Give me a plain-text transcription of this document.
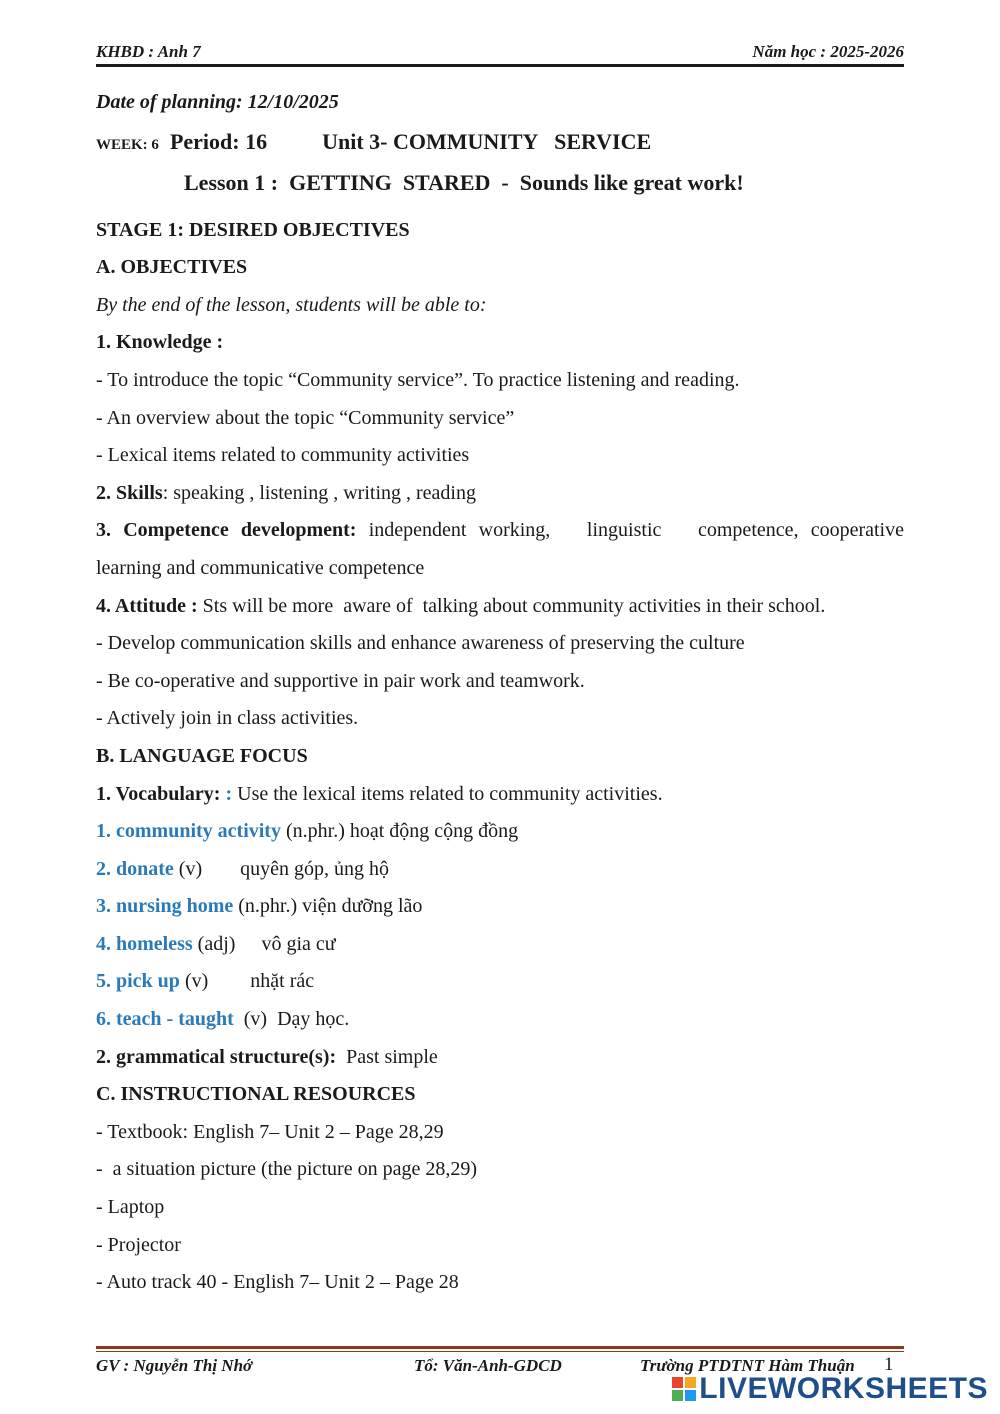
KHBD : Anh 7	Năm học : 2025-2026
Date of planning: 12/10/2025
WEEK: 6 Period: 16	Unit 3- COMMUNITY   SERVICE
Lesson 1 :  GETTING  STARED  -  Sounds like great work!
STAGE 1: DESIRED OBJECTIVES
A. OBJECTIVES
By the end of the lesson, students will be able to:
1. Knowledge :
- To introduce the topic “Community service”. To practice listening and reading.
- An overview about the topic “Community service”
- Lexical items related to community activities
2. Skills: speaking , listening , writing , reading
3. Competence development: independent working,   linguistic   competence, cooperative
learning and communicative competence
4. Attitude : Sts will be more  aware of  talking about community activities in their school.
- Develop communication skills and enhance awareness of preserving the culture
- Be co-operative and supportive in pair work and teamwork.
- Actively join in class activities.
B. LANGUAGE FOCUS
1. Vocabulary: : Use the lexical items related to community activities.
1. community activity (n.phr.) hoạt động cộng đồng
2. donate (v) quyên góp, ủng hộ
3. nursing home (n.phr.) viện dưỡng lão
4. homeless (adj) vô gia cư
5. pick up (v) nhặt rác
6. teach - taught  (v)  Dạy học.
2. grammatical structure(s):  Past simple
C. INSTRUCTIONAL RESOURCES
- Textbook: English 7– Unit 2 – Page 28,29
-  a situation picture (the picture on page 28,29)
- Laptop
- Projector
- Auto track 40 - English 7– Unit 2 – Page 28
GV : Nguyễn Thị Nhớ	Tổ: Văn-Anh-GDCD	Trường PTDTNT Hàm Thuận 1
LIVEWORKSHEETS
